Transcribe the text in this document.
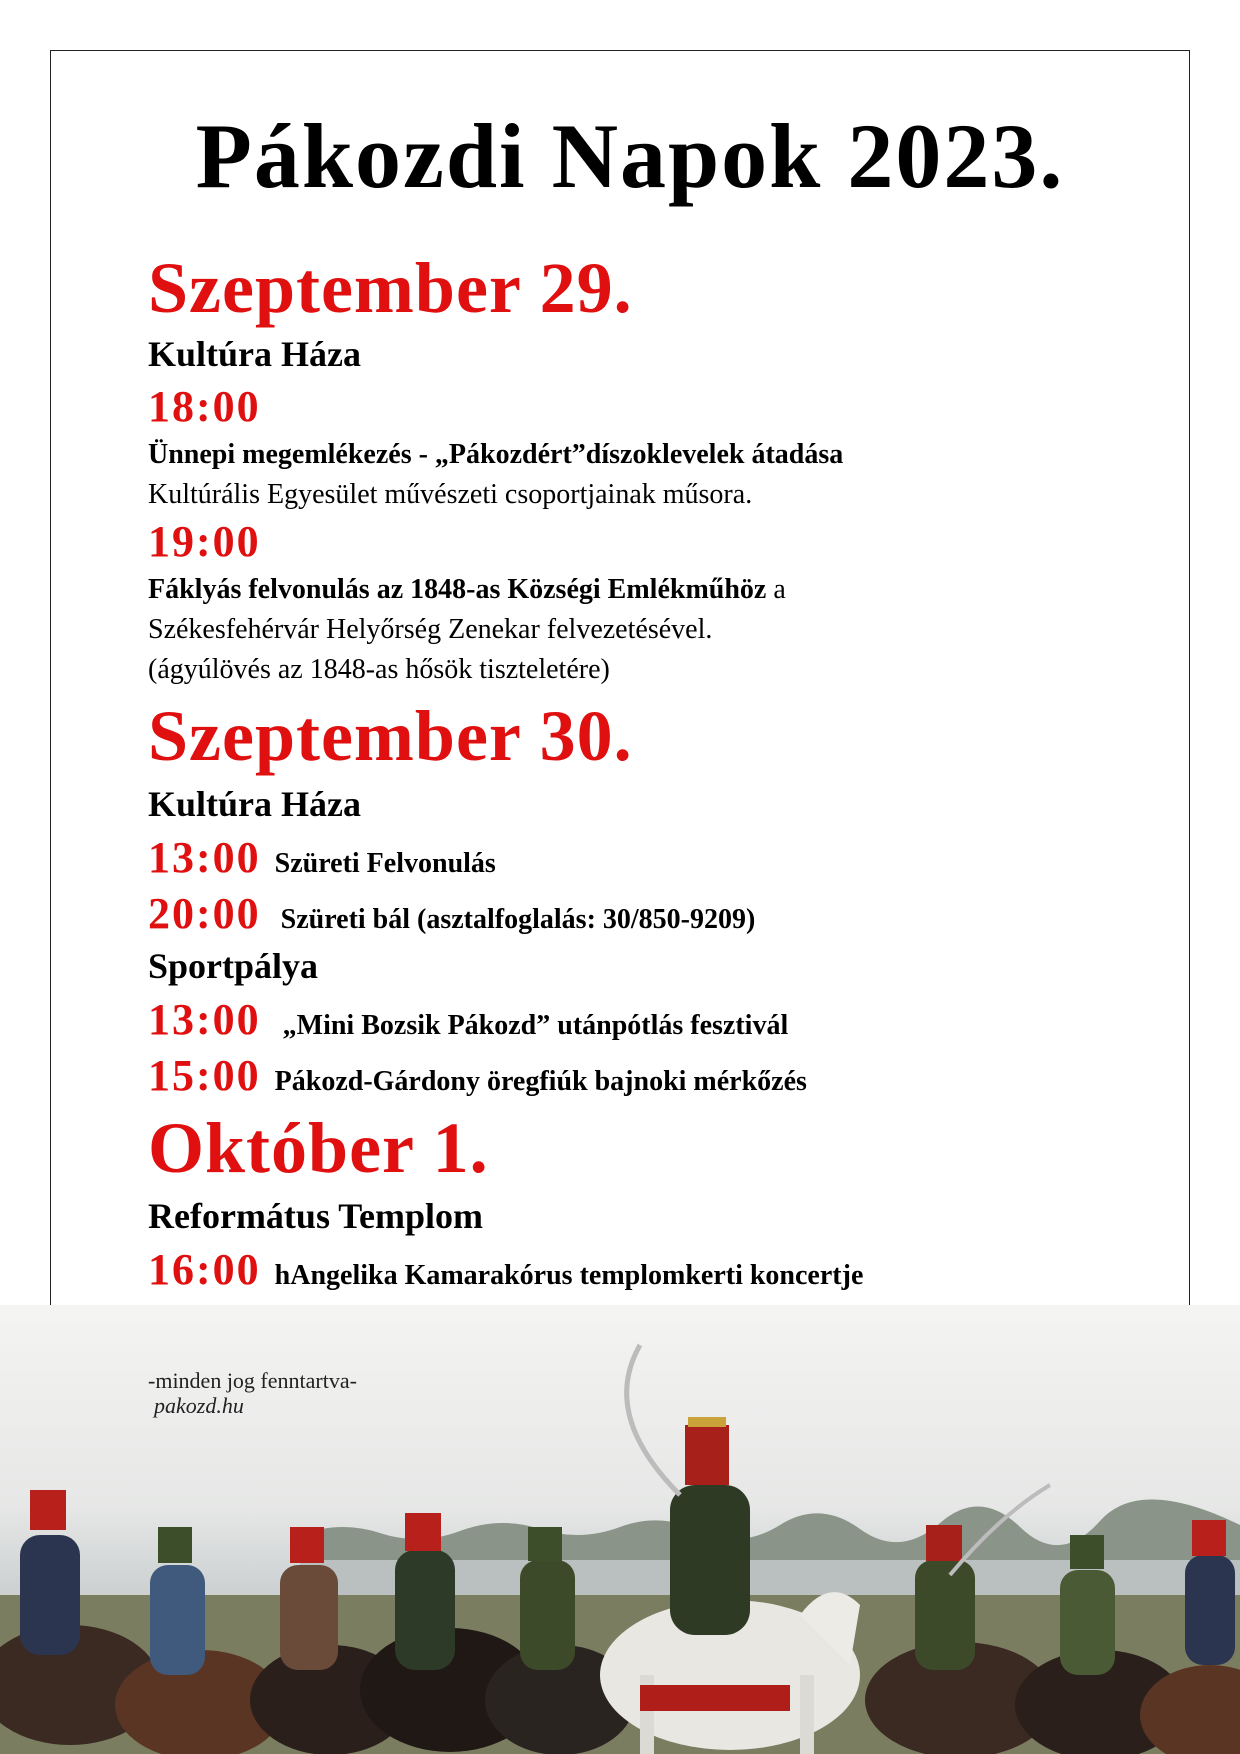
Pákozdi Napok 2023.
Szeptember 29.
Kultúra Háza
18:00
Ünnepi megemlékezés - „Pákozdért”díszoklevelek átadása
Kultúrális Egyesület művészeti csoportjainak műsora.
19:00
Fáklyás felvonulás az 1848-as Községi Emlékműhöz a
Székesfehérvár Helyőrség Zenekar felvezetésével.
(ágyúlövés az 1848-as hősök tiszteletére)
Szeptember 30.
Kultúra Háza
13:00 Szüreti Felvonulás
20:00 Szüreti bál (asztalfoglalás: 30/850-9209)
Sportpálya
13:00 „Mini Bozsik Pákozd” utánpótlás fesztivál
15:00 Pákozd-Gárdony öregfiúk bajnoki mérkőzés
Október 1.
Református Templom
16:00 hAngelika Kamarakórus templomkerti koncertje
-minden jog fenntartva-
pakozd.hu
